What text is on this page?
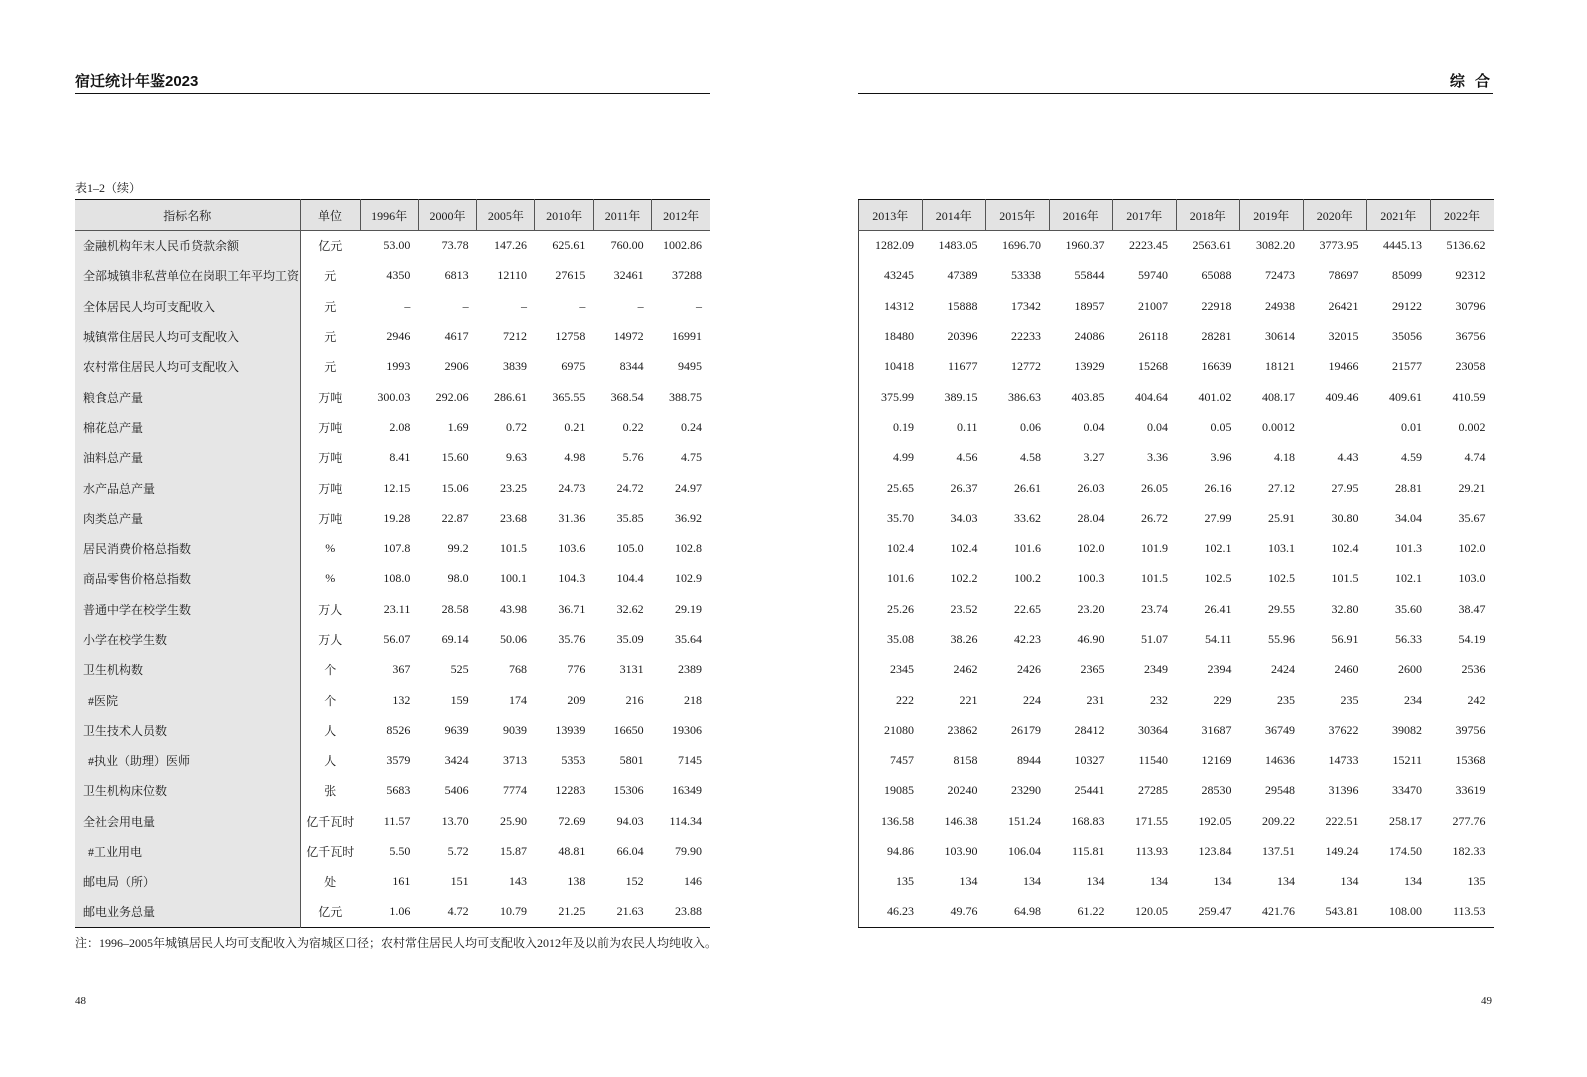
宿迁统计年鉴2023
表1–2（续）
指标名称	单位	1996年	2000年	2005年	2010年	2011年	2012年
金融机构年末人民币贷款余额	亿元	53.00	73.78	147.26	625.61	760.00	1002.86
全部城镇非私营单位在岗职工年平均工资	元	4350	6813	12110	27615	32461	37288
全体居民人均可支配收入	元	–	–	–	–	–	–
城镇常住居民人均可支配收入	元	2946	4617	7212	12758	14972	16991
农村常住居民人均可支配收入	元	1993	2906	3839	6975	8344	9495
粮食总产量	万吨	300.03	292.06	286.61	365.55	368.54	388.75
棉花总产量	万吨	2.08	1.69	0.72	0.21	0.22	0.24
油料总产量	万吨	8.41	15.60	9.63	4.98	5.76	4.75
水产品总产量	万吨	12.15	15.06	23.25	24.73	24.72	24.97
肉类总产量	万吨	19.28	22.87	23.68	31.36	35.85	36.92
居民消费价格总指数	%	107.8	99.2	101.5	103.6	105.0	102.8
商品零售价格总指数	%	108.0	98.0	100.1	104.3	104.4	102.9
普通中学在校学生数	万人	23.11	28.58	43.98	36.71	32.62	29.19
小学在校学生数	万人	56.07	69.14	50.06	35.76	35.09	35.64
卫生机构数	个	367	525	768	776	3131	2389
#医院	个	132	159	174	209	216	218
卫生技术人员数	人	8526	9639	9039	13939	16650	19306
#执业（助理）医师	人	3579	3424	3713	5353	5801	7145
卫生机构床位数	张	5683	5406	7774	12283	15306	16349
全社会用电量	亿千瓦时	11.57	13.70	25.90	72.69	94.03	114.34
#工业用电	亿千瓦时	5.50	5.72	15.87	48.81	66.04	79.90
邮电局（所）	处	161	151	143	138	152	146
邮电业务总量	亿元	1.06	4.72	10.79	21.25	21.63	23.88
注：1996–2005年城镇居民人均可支配收入为宿城区口径；农村常住居民人均可支配收入2012年及以前为农民人均纯收入。
48
综 合
2013年	2014年	2015年	2016年	2017年	2018年	2019年	2020年	2021年	2022年
1282.09	1483.05	1696.70	1960.37	2223.45	2563.61	3082.20	3773.95	4445.13	5136.62
43245	47389	53338	55844	59740	65088	72473	78697	85099	92312
14312	15888	17342	18957	21007	22918	24938	26421	29122	30796
18480	20396	22233	24086	26118	28281	30614	32015	35056	36756
10418	11677	12772	13929	15268	16639	18121	19466	21577	23058
375.99	389.15	386.63	403.85	404.64	401.02	408.17	409.46	409.61	410.59
0.19	0.11	0.06	0.04	0.04	0.05	0.0012		0.01	0.002
4.99	4.56	4.58	3.27	3.36	3.96	4.18	4.43	4.59	4.74
25.65	26.37	26.61	26.03	26.05	26.16	27.12	27.95	28.81	29.21
35.70	34.03	33.62	28.04	26.72	27.99	25.91	30.80	34.04	35.67
102.4	102.4	101.6	102.0	101.9	102.1	103.1	102.4	101.3	102.0
101.6	102.2	100.2	100.3	101.5	102.5	102.5	101.5	102.1	103.0
25.26	23.52	22.65	23.20	23.74	26.41	29.55	32.80	35.60	38.47
35.08	38.26	42.23	46.90	51.07	54.11	55.96	56.91	56.33	54.19
2345	2462	2426	2365	2349	2394	2424	2460	2600	2536
222	221	224	231	232	229	235	235	234	242
21080	23862	26179	28412	30364	31687	36749	37622	39082	39756
7457	8158	8944	10327	11540	12169	14636	14733	15211	15368
19085	20240	23290	25441	27285	28530	29548	31396	33470	33619
136.58	146.38	151.24	168.83	171.55	192.05	209.22	222.51	258.17	277.76
94.86	103.90	106.04	115.81	113.93	123.84	137.51	149.24	174.50	182.33
135	134	134	134	134	134	134	134	134	135
46.23	49.76	64.98	61.22	120.05	259.47	421.76	543.81	108.00	113.53
49
